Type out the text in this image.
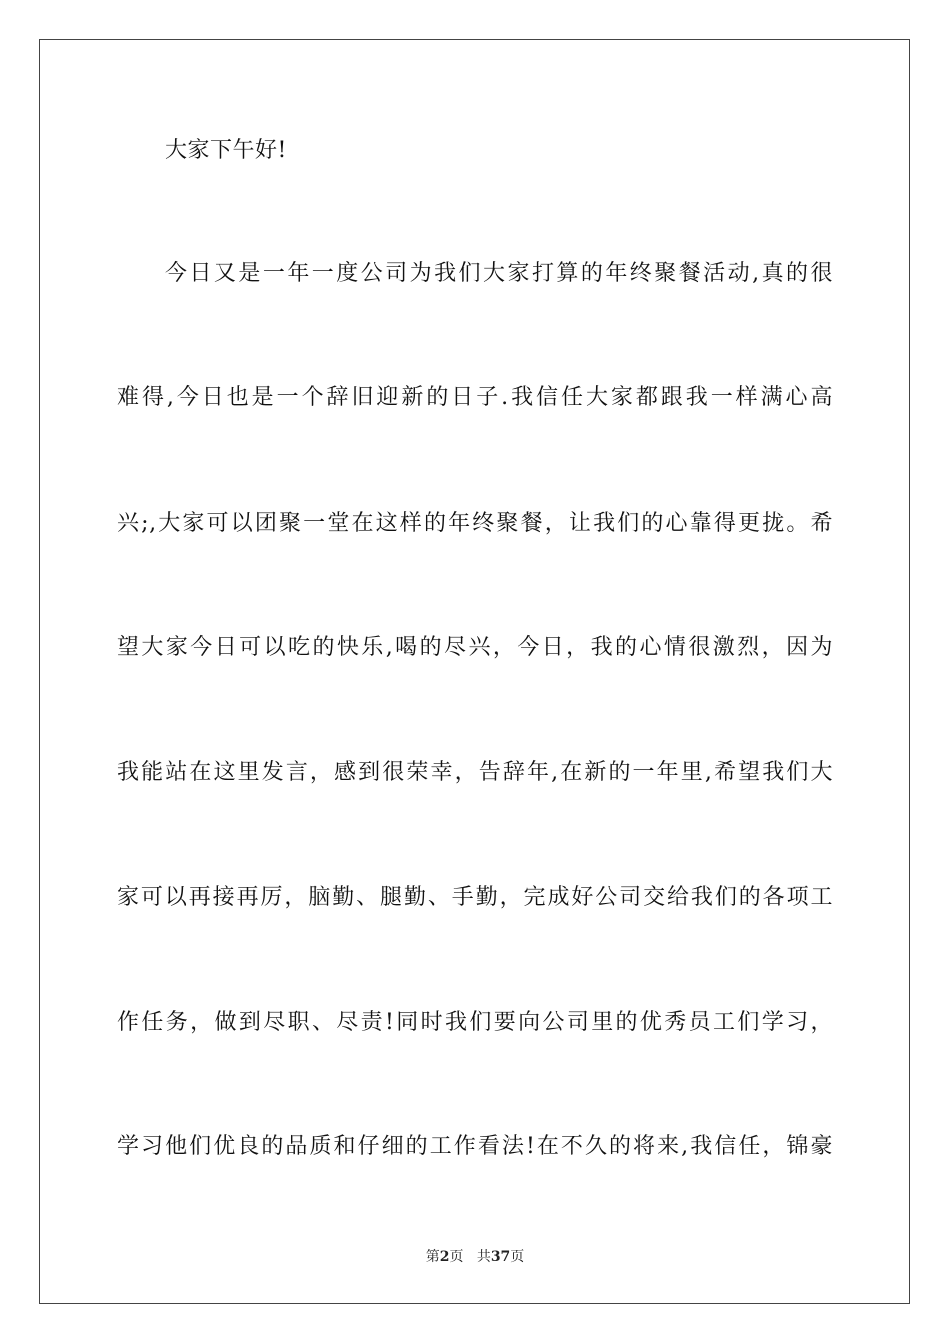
大家下午好!
今日又是一年一度公司为我们大家打算的年终聚餐活动,真的很
难得,今日也是一个辞旧迎新的日子.我信任大家都跟我一样满心高
兴;,大家可以团聚一堂在这样的年终聚餐，让我们的心靠得更拢。希
望大家今日可以吃的快乐,喝的尽兴，今日，我的心情很激烈，因为
我能站在这里发言，感到很荣幸，告辞年,在新的一年里,希望我们大
家可以再接再厉，脑勤、腿勤、手勤，完成好公司交给我们的各项工
作任务，做到尽职、尽责!同时我们要向公司里的优秀员工们学习，
学习他们优良的品质和仔细的工作看法!在不久的将来,我信任，锦豪
第2页 共37页
